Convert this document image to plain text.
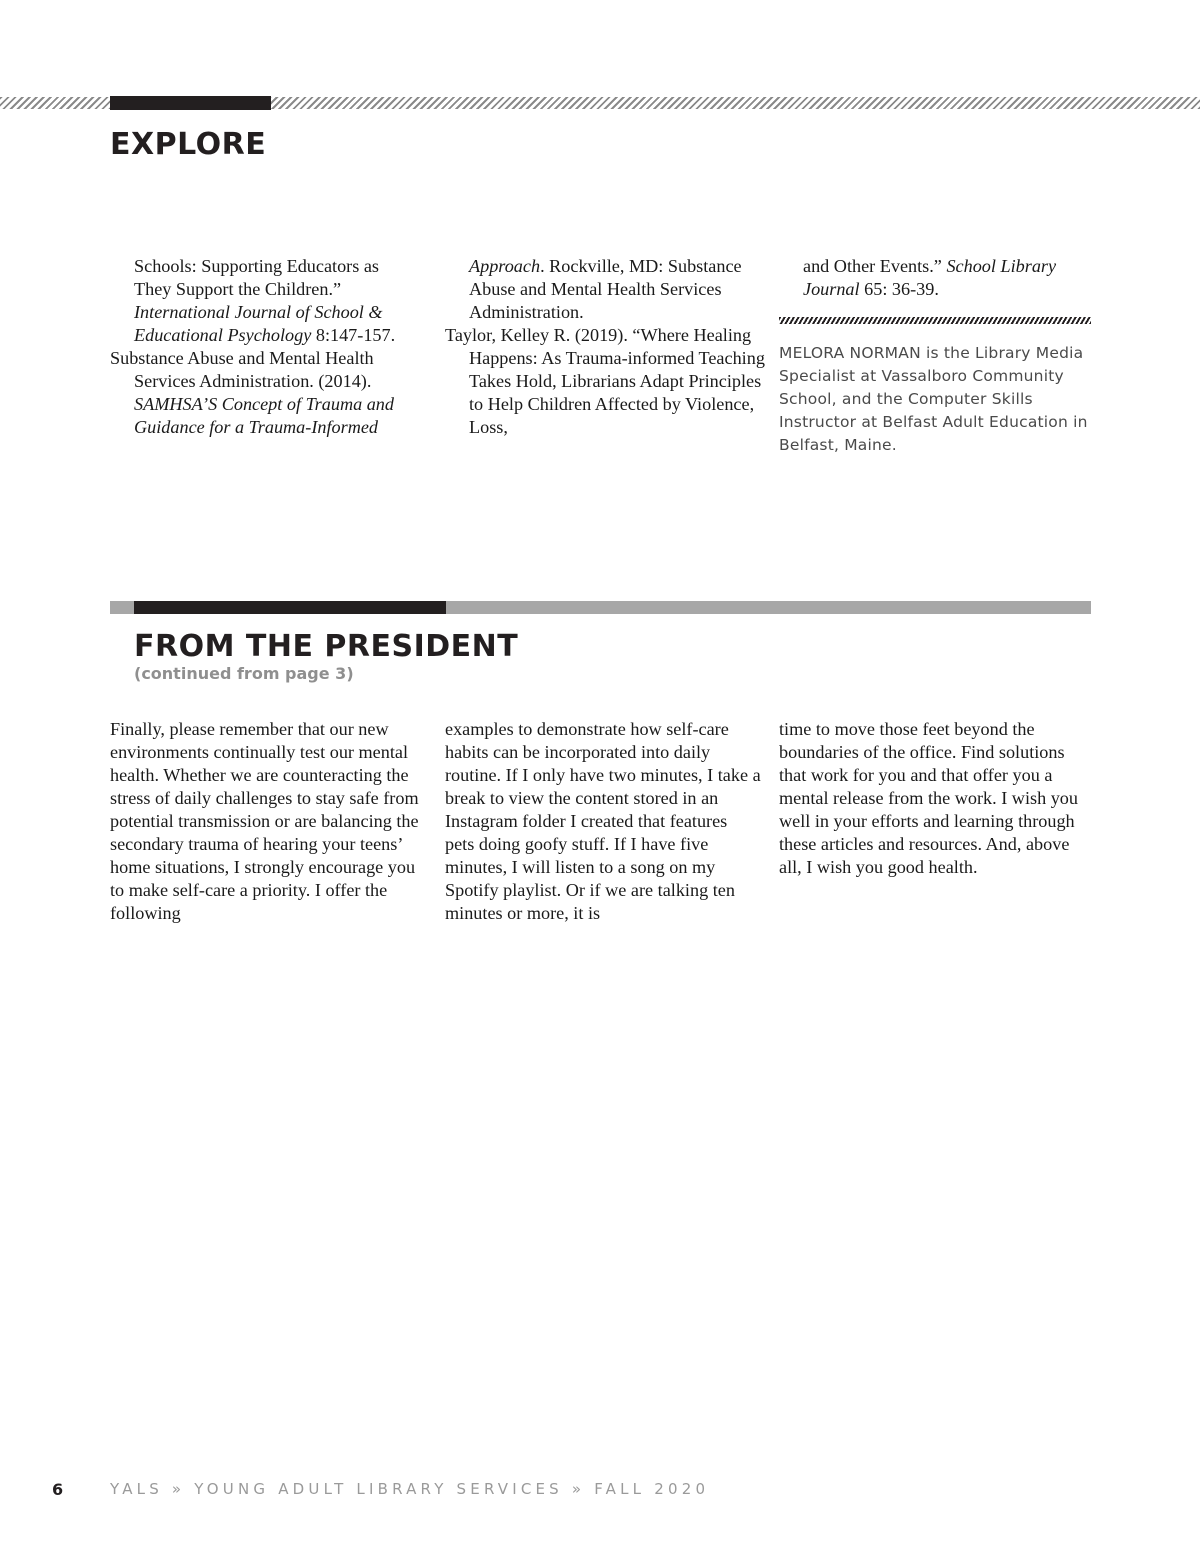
EXPLORE

Schools: Supporting Educators as They Support the Children.” International Journal of School & Educational Psychology 8:147-157.

Substance Abuse and Mental Health Services Administration. (2014). SAMHSA’S Concept of Trauma and Guidance for a Trauma-Informed

Approach. Rockville, MD: Substance Abuse and Mental Health Services Administration.

Taylor, Kelley R. (2019). “Where Healing Happens: As Trauma-informed Teaching Takes Hold, Librarians Adapt Principles to Help Children Affected by Violence, Loss,

and Other Events.” School Library Journal 65: 36-39.

MELORA NORMAN is the Library Media Specialist at Vassalboro Community School, and the Computer Skills Instructor at Belfast Adult Education in Belfast, Maine.

FROM THE PRESIDENT

(continued from page 3)

Finally, please remember that our new environments continually test our mental health. Whether we are counteracting the stress of daily challenges to stay safe from potential transmission or are balancing the secondary trauma of hearing your teens’ home situations, I strongly encourage you to make self-care a priority. I offer the following

examples to demonstrate how self-care habits can be incorporated into daily routine. If I only have two minutes, I take a break to view the content stored in an Instagram folder I created that features pets doing goofy stuff. If I have five minutes, I will listen to a song on my Spotify playlist. Or if we are talking ten minutes or more, it is

time to move those feet beyond the boundaries of the office. Find solutions that work for you and that offer you a mental release from the work. I wish you well in your efforts and learning through these articles and resources. And, above all, I wish you good health.

6	YALS » YOUNG ADULT LIBRARY SERVICES » FALL 2020
